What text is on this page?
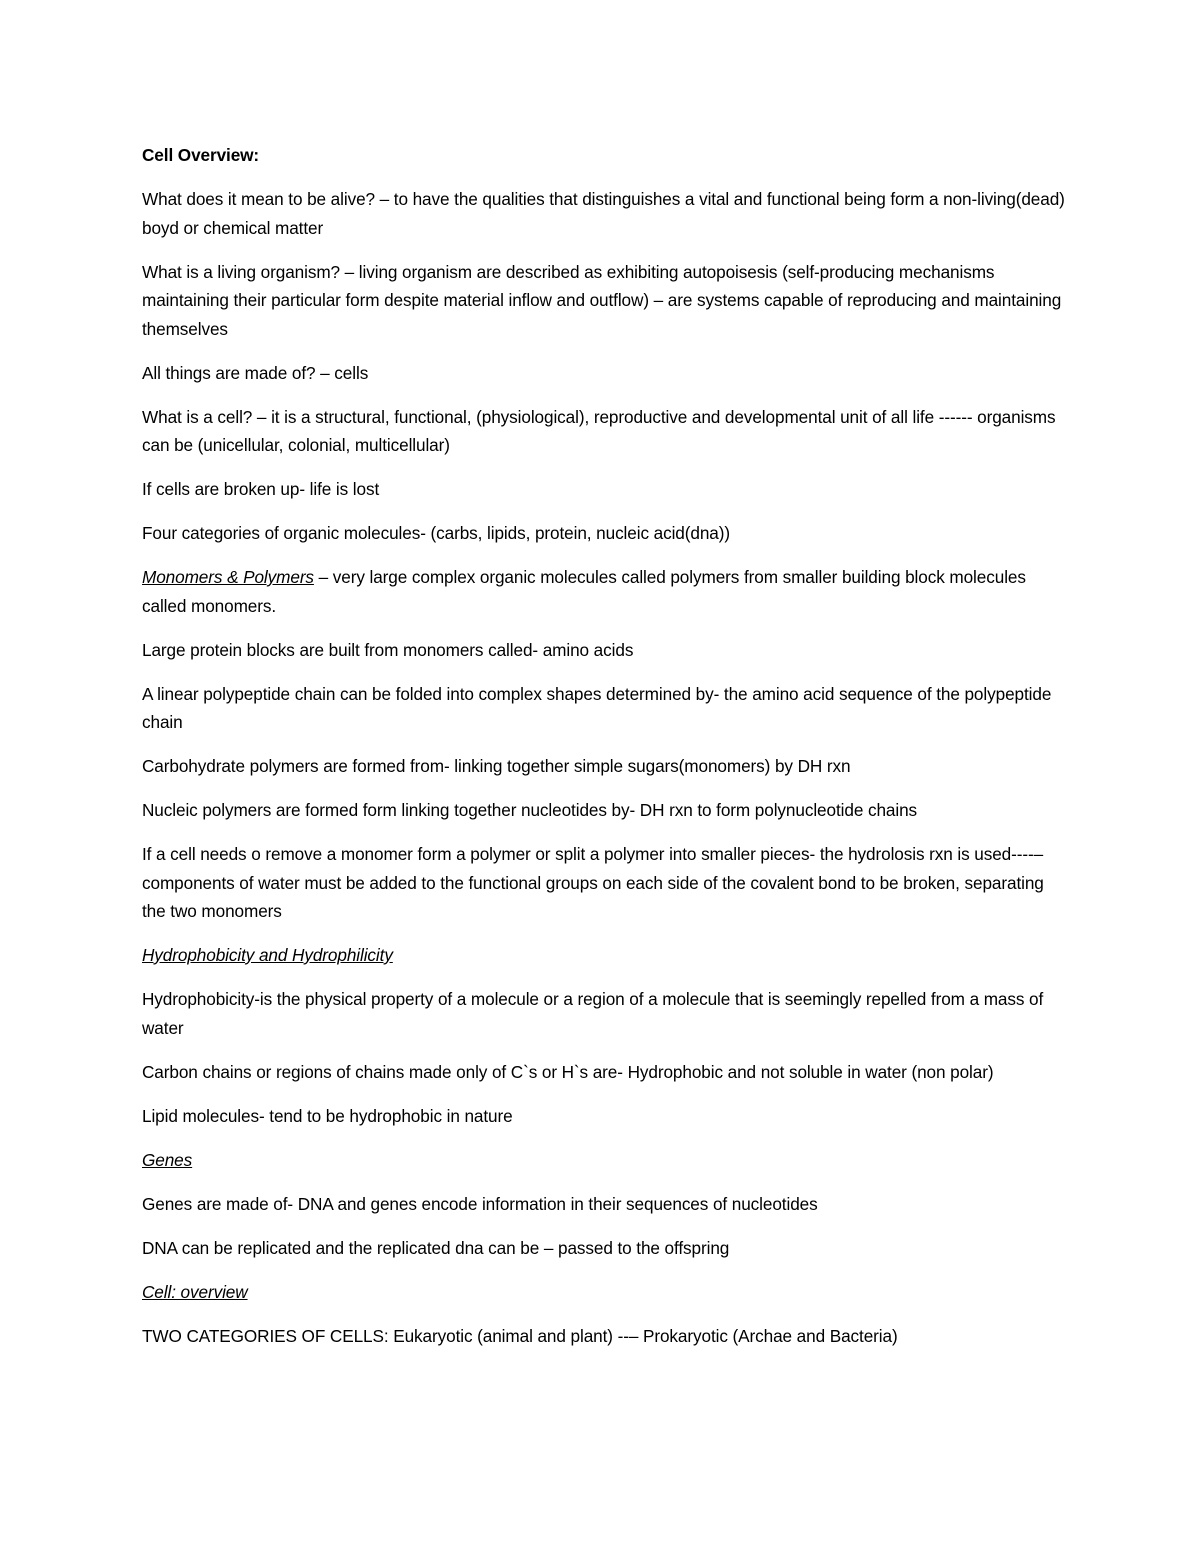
Cell Overview:

What does it mean to be alive? – to have the qualities that distinguishes a vital and functional being form a non-living(dead) boyd or chemical matter

What is a living organism? – living organism are described as exhibiting autopoisesis (self-producing mechanisms maintaining their particular form despite material inflow and outflow) – are systems capable of reproducing and maintaining themselves

All things are made of? – cells

What is a cell? – it is a structural, functional, (physiological), reproductive and developmental unit of all life ------ organisms can be (unicellular, colonial, multicellular)

If cells are broken up- life is lost

Four categories of organic molecules- (carbs, lipids, protein, nucleic acid(dna))

Monomers & Polymers – very large complex organic molecules called polymers from smaller building block molecules called monomers.

Large protein blocks are built from monomers called- amino acids

A linear polypeptide chain can be folded into complex shapes determined by- the amino acid sequence of the polypeptide chain

Carbohydrate polymers are formed from- linking together simple sugars(monomers) by DH rxn

Nucleic polymers are formed form linking together nucleotides by- DH rxn to form polynucleotide chains

If a cell needs o remove a monomer form a polymer or split a polymer into smaller pieces- the hydrolosis rxn is used----– components of water must be added to the functional groups on each side of the covalent bond to be broken, separating the two monomers

Hydrophobicity and Hydrophilicity

Hydrophobicity-is the physical property of a molecule or a region of a molecule that is seemingly repelled from a mass of water

Carbon chains or regions of chains made only of C`s or H`s are- Hydrophobic and not soluble in water (non polar)

Lipid molecules- tend to be hydrophobic in nature

Genes

Genes are made of- DNA and genes encode information in their sequences of nucleotides

DNA can be replicated and the replicated dna can be – passed to the offspring

Cell: overview

TWO CATEGORIES OF CELLS: Eukaryotic (animal and plant) --– Prokaryotic (Archae and Bacteria)
